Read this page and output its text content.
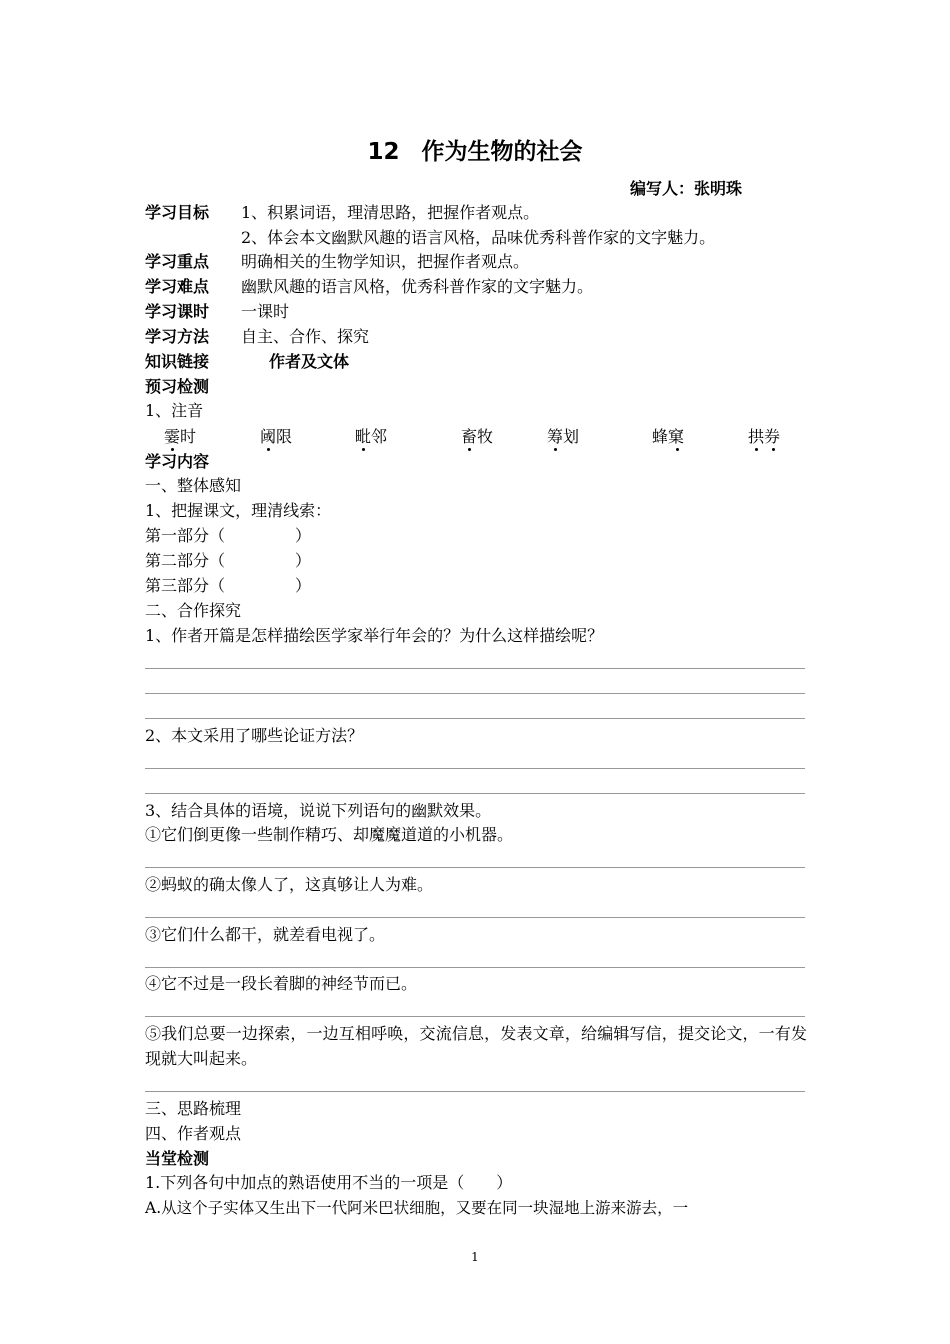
12 作为生物的社会
编写人：张明珠
学习目标 1、积累词语，理清思路，把握作者观点。
2、体会本文幽默风趣的语言风格，品味优秀科普作家的文字魅力。
学习重点 明确相关的生物学知识，把握作者观点。
学习难点 幽默风趣的语言风格，优秀科普作家的文字魅力。
学习课时 一课时
学习方法 自主、合作、探究
知识链接	作者及文体
预习检测
1、注音
霎时	阈限	毗邻	畜牧	筹划	蜂窠	拱券
学习内容
一、整体感知
1、把握课文，理清线索：
第一部分（	）
第二部分（	）
第三部分（	）
二、合作探究
1、作者开篇是怎样描绘医学家举行年会的？为什么这样描绘呢？
2、本文采用了哪些论证方法？
3、结合具体的语境，说说下列语句的幽默效果。
①它们倒更像一些制作精巧、却魔魔道道的小机器。
②蚂蚁的确太像人了，这真够让人为难。
③它们什么都干，就差看电视了。
④它不过是一段长着脚的神经节而已。
⑤我们总要一边探索，一边互相呼唤，交流信息，发表文章，给编辑写信，提交论文，一有发现就大叫起来。
三、思路梳理
四、作者观点
当堂检测
1.下列各句中加点的熟语使用不当的一项是（　　）
A.从这个子实体又生出下一代阿米巴状细胞，又要在同一块湿地上游来游去，一
1
